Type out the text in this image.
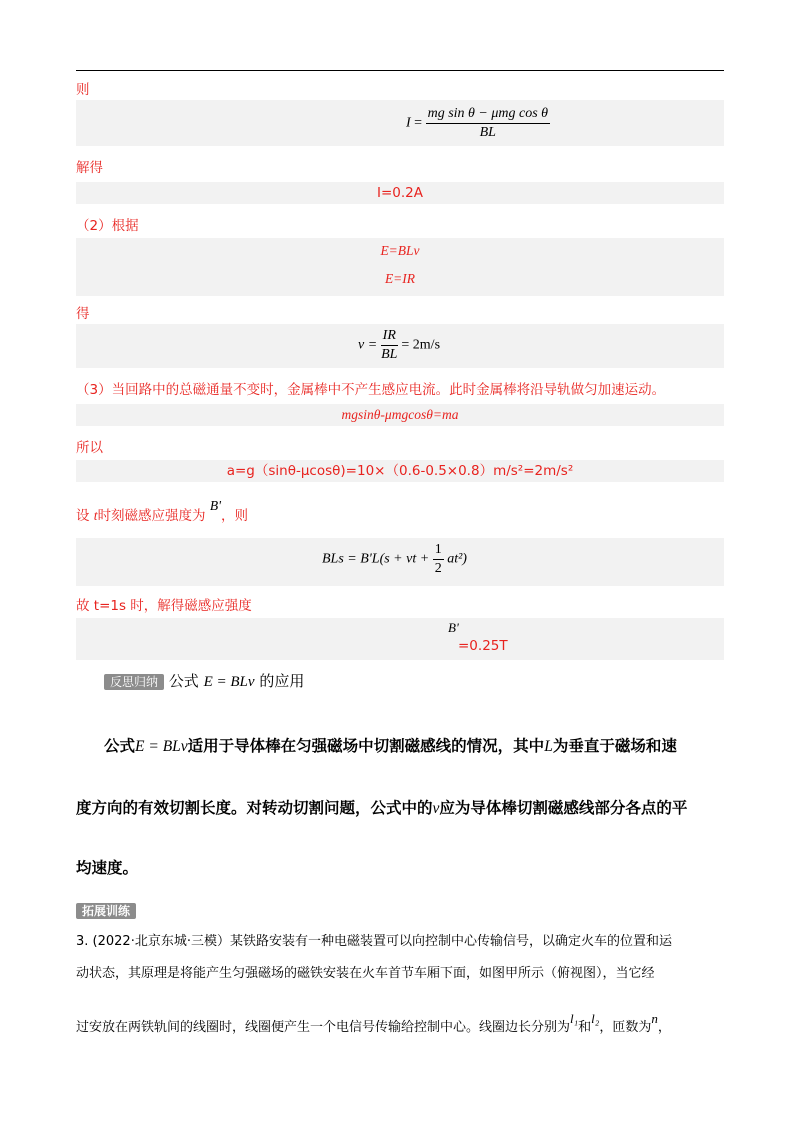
则
$I = \frac{\text{mg sin θ − μmg cos θ}}{BL}$
解得
I=0.2A
（2）根据
E=BLv
E=IR
得
$v = \frac{IR}{BL} = 2m/s$
（3）当回路中的总磁通量不变时，金属棒中不产生感应电流。此时金属棒将沿导轨做匀加速运动。
mgsinθ-μmgcosθ=ma
所以
a=g（sinθ-μcosθ)=10×（0.6-0.5×0.8）m/s²=2m/s²
设 t时刻磁感应强度为 B'，则
BLs = B'L(s + vt + $\frac{1}{2} at^2$)
故 t=1s 时，解得磁感应强度
B'
=0.25T
反思归纳 公式 E = BLv 的应用
公式E = BLv适用于导体棒在匀强磁场中切割磁感线的情况，其中L为垂直于磁场和速
度方向的有效切割长度。对转动切割问题，公式中的v应为导体棒切割磁感线部分各点的平
均速度。
拓展训练
3. (2022·北京东城·三模）某铁路安装有一种电磁装置可以向控制中心传输信号，以确定火车的位置和运
动状态，其原理是将能产生匀强磁场的磁铁安装在火车首节车厢下面，如图甲所示（俯视图），当它经
过安放在两铁轨间的线圈时，线圈便产生一个电信号传输给控制中心。线圈边长分别为l₁和l₂，匝数为n，
